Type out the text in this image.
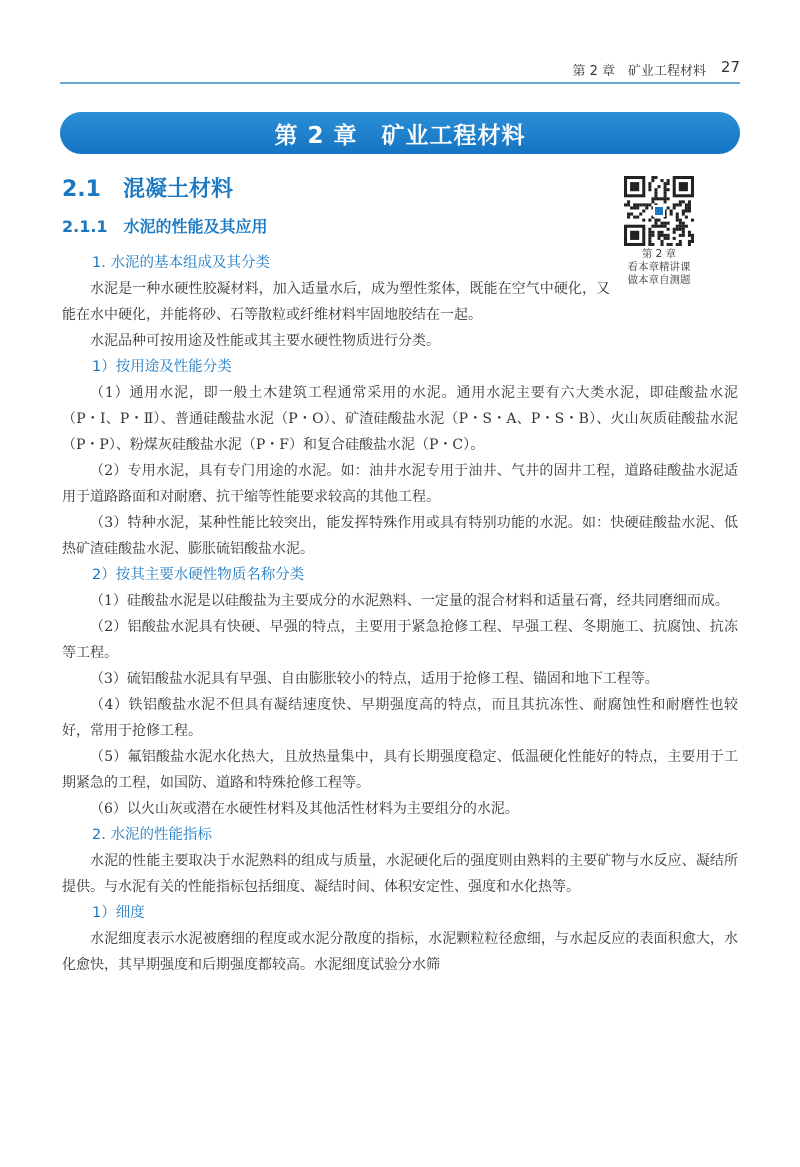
第 2 章　矿业工程材料 27
第 2 章　矿业工程材料
2.1　混凝土材料
2.1.1　水泥的性能及其应用
第 2 章
看本章精讲课
做本章自测题
1. 水泥的基本组成及其分类

水泥是一种水硬性胶凝材料，加入适量水后，成为塑性浆体，既能在空气中硬化，又能在水中硬化，并能将砂、石等散粒或纤维材料牢固地胶结在一起。

水泥品种可按用途及性能或其主要水硬性物质进行分类。

1）按用途及性能分类

（1）通用水泥，即一般土木建筑工程通常采用的水泥。通用水泥主要有六大类水泥，即硅酸盐水泥（P・Ⅰ、P・Ⅱ）、普通硅酸盐水泥（P・O）、矿渣硅酸盐水泥（P・S・A、P・S・B）、火山灰质硅酸盐水泥（P・P）、粉煤灰硅酸盐水泥（P・F）和复合硅酸盐水泥（P・C）。

（2）专用水泥，具有专门用途的水泥。如：油井水泥专用于油井、气井的固井工程，道路硅酸盐水泥适用于道路路面和对耐磨、抗干缩等性能要求较高的其他工程。

（3）特种水泥，某种性能比较突出，能发挥特殊作用或具有特别功能的水泥。如：快硬硅酸盐水泥、低热矿渣硅酸盐水泥、膨胀硫铝酸盐水泥。

2）按其主要水硬性物质名称分类

（1）硅酸盐水泥是以硅酸盐为主要成分的水泥熟料、一定量的混合材料和适量石膏，经共同磨细而成。

（2）铝酸盐水泥具有快硬、早强的特点，主要用于紧急抢修工程、早强工程、冬期施工、抗腐蚀、抗冻等工程。

（3）硫铝酸盐水泥具有早强、自由膨胀较小的特点，适用于抢修工程、锚固和地下工程等。

（4）铁铝酸盐水泥不但具有凝结速度快、早期强度高的特点，而且其抗冻性、耐腐蚀性和耐磨性也较好，常用于抢修工程。

（5）氟铝酸盐水泥水化热大，且放热量集中，具有长期强度稳定、低温硬化性能好的特点，主要用于工期紧急的工程，如国防、道路和特殊抢修工程等。

（6）以火山灰或潜在水硬性材料及其他活性材料为主要组分的水泥。

2. 水泥的性能指标

水泥的性能主要取决于水泥熟料的组成与质量，水泥硬化后的强度则由熟料的主要矿物与水反应、凝结所提供。与水泥有关的性能指标包括细度、凝结时间、体积安定性、强度和水化热等。

1）细度

水泥细度表示水泥被磨细的程度或水泥分散度的指标，水泥颗粒粒径愈细，与水起反应的表面积愈大，水化愈快，其早期强度和后期强度都较高。水泥细度试验分水筛
